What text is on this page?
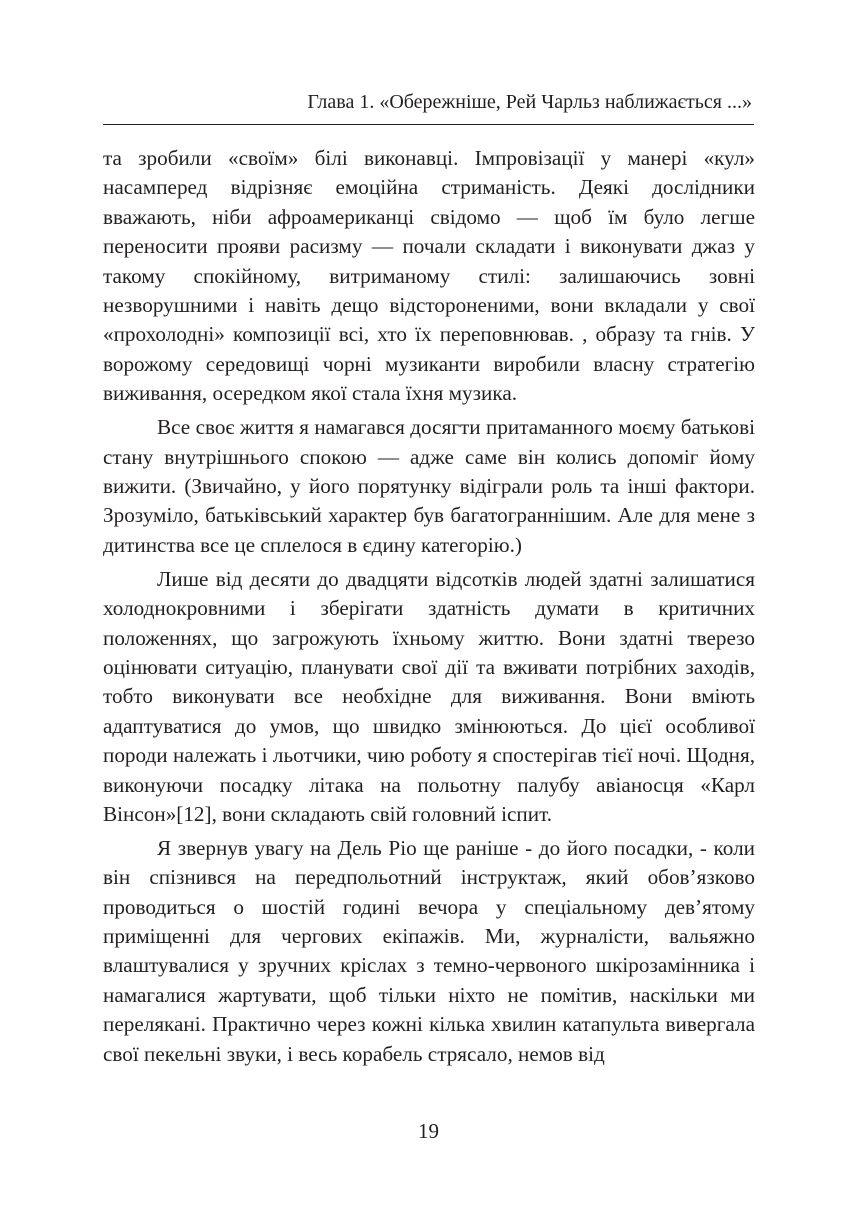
Глава 1. «Обережніше, Рей Чарльз наближається ...»

та зробили «своїм» білі виконавці. Імпровізації у манері «кул» насамперед відрізняє емоційна стриманість. Деякі дослідники вважають, ніби афроамериканці свідомо — щоб їм було легше переносити прояви расизму — почали складати і виконувати джаз у такому спокійному, витриманому стилі: залишаючись зовні незворушними і навіть дещо відстороненими, вони вкладали у свої «прохолодні» композиції всі, хто їх переповнював. , образу та гнів. У ворожому середовищі чорні музиканти виробили власну стратегію виживання, осередком якої стала їхня музика.

Все своє життя я намагався досягти притаманного моєму батькові стану внутрішнього спокою — адже саме він колись допоміг йому вижити. (Звичайно, у його порятунку відіграли роль та інші фактори. Зрозуміло, батьківський характер був багатограннішим. Але для мене з дитинства все це сплелося в єдину категорію.)

Лише від десяти до двадцяти відсотків людей здатні залишатися холоднокровними і зберігати здатність думати в критичних положеннях, що загрожують їхньому життю. Вони здатні тверезо оцінювати ситуацію, планувати свої дії та вживати потрібних заходів, тобто виконувати все необхідне для виживання. Вони вміють адаптуватися до умов, що швидко змінюються. До цієї особливої породи належать і льотчики, чию роботу я спостерігав тієї ночі. Щодня, виконуючи посадку літака на польотну палубу авіаносця «Карл Вінсон»[12], вони складають свій головний іспит.

Я звернув увагу на Дель Ріо ще раніше - до його посадки, - коли він спізнився на передпольотний інструктаж, який обов’язково проводиться о шостій годині вечора у спеціальному дев’ятому приміщенні для чергових екіпажів. Ми, журналісти, вальяжно влаштувалися у зручних кріслах з темно-червоного шкірозамінника і намагалися жартувати, щоб тільки ніхто не помітив, наскільки ми перелякані. Практично через кожні кілька хвилин катапульта вивергала свої пекельні звуки, і весь корабель стрясало, немов від

19
